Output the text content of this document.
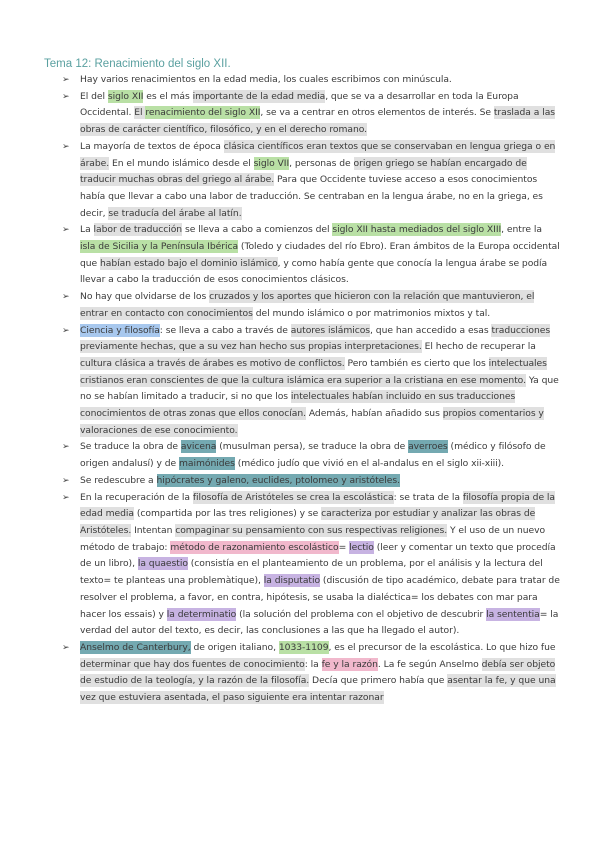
Tema 12: Renacimiento del siglo XII.
➢ Hay varios renacimientos en la edad media, los cuales escribimos con minúscula.
➢ El del siglo XII es el más importante de la edad media, que se va a desarrollar en toda la Europa Occidental. El renacimiento del siglo XII, se va a centrar en otros elementos de interés. Se traslada a las obras de carácter científico, filosófico, y en el derecho romano.
➢ La mayoría de textos de época clásica científicos eran textos que se conservaban en lengua griega o en árabe. En el mundo islámico desde el siglo VII, personas de origen griego se habían encargado de traducir muchas obras del griego al árabe. Para que Occidente tuviese acceso a esos conocimientos había que llevar a cabo una labor de traducción. Se centraban en la lengua árabe, no en la griega, es decir, se traducía del árabe al latín.
➢ La labor de traducción se lleva a cabo a comienzos del siglo XII hasta mediados del siglo XIII, entre la isla de Sicilia y la Península Ibérica (Toledo y ciudades del río Ebro). Eran ámbitos de la Europa occidental que habían estado bajo el dominio islámico, y como había gente que conocía la lengua árabe se podía llevar a cabo la traducción de esos conocimientos clásicos.
➢ No hay que olvidarse de los cruzados y los aportes que hicieron con la relación que mantuvieron, el entrar en contacto con conocimientos del mundo islámico o por matrimonios mixtos y tal.
➢ Ciencia y filosofía: se lleva a cabo a través de autores islámicos, que han accedido a esas traducciones previamente hechas, que a su vez han hecho sus propias interpretaciones. El hecho de recuperar la cultura clásica a través de árabes es motivo de conflictos. Pero también es cierto que los intelectuales cristianos eran conscientes de que la cultura islámica era superior a la cristiana en ese momento. Ya que no se habían limitado a traducir, si no que los intelectuales habían incluido en sus traducciones conocimientos de otras zonas que ellos conocían. Además, habían añadido sus propios comentarios y valoraciones de ese conocimiento.
➢ Se traduce la obra de avicena (musulman persa), se traduce la obra de averroes (médico y filósofo de origen andalusí) y de maimónides (médico judío que vivió en el al-andalus en el siglo xii-xiii).
➢ Se redescubre a hipócrates y galeno, euclides, ptolomeo y aristóteles.
➢ En la recuperación de la filosofía de Aristóteles se crea la escolástica: se trata de la filosofía propia de la edad media (compartida por las tres religiones) y se caracteriza por estudiar y analizar las obras de Aristóteles. Intentan compaginar su pensamiento con sus respectivas religiones. Y el uso de un nuevo método de trabajo: método de razonamiento escolástico= lectio (leer y comentar un texto que procedía de un libro), la quaestio (consistía en el planteamiento de un problema, por el análisis y la lectura del texto= te planteas una problemàtique), la disputatio (discusión de tipo académico, debate para tratar de resolver el problema, a favor, en contra, hipótesis, se usaba la dialéctica= los debates con mar para hacer los essais) y la determinatio (la solución del problema con el objetivo de descubrir la sententia= la verdad del autor del texto, es decir, las conclusiones a las que ha llegado el autor).
➢ Anselmo de Canterbury, de origen italiano, 1033-1109, es el precursor de la escolástica. Lo que hizo fue determinar que hay dos fuentes de conocimiento: la fe y la razón. La fe según Anselmo debía ser objeto de estudio de la teología, y la razón de la filosofía. Decía que primero había que asentar la fe, y que una vez que estuviera asentada, el paso siguiente era intentar razonar
